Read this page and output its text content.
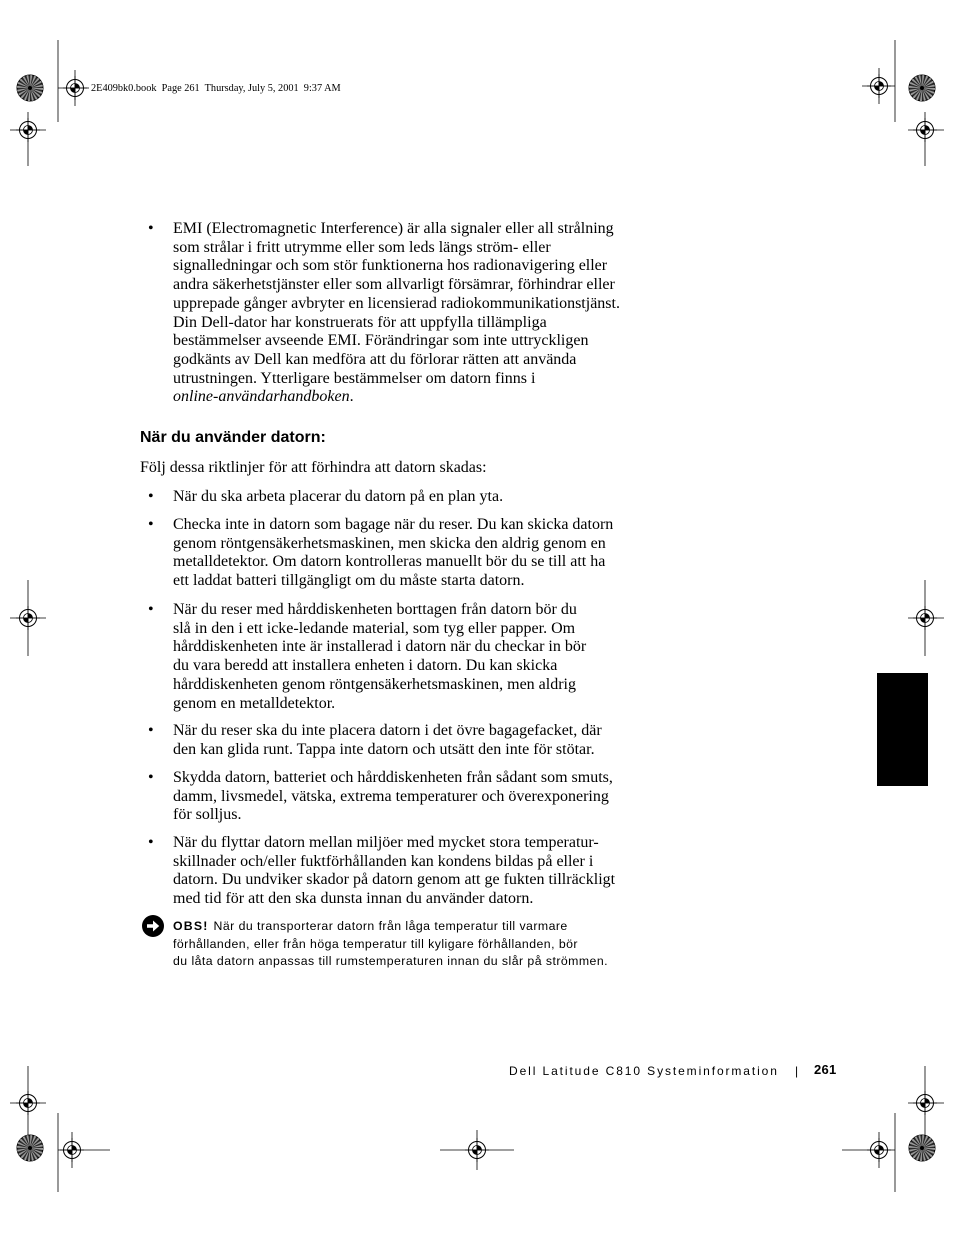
2E409bk0.book  Page 261  Thursday, July 5, 2001  9:37 AM
• EMI (Electromagnetic Interference) är alla signaler eller all strålning
som strålar i fritt utrymme eller som leds längs ström- eller
signalledningar och som stör funktionerna hos radionavigering eller
andra säkerhetstjänster eller som allvarligt försämrar, förhindrar eller
upprepade gånger avbryter en licensierad radiokommunikationstjänst.
Din Dell-dator har konstruerats för att uppfylla tillämpliga
bestämmelser avseende EMI. Förändringar som inte uttryckligen
godkänts av Dell kan medföra att du förlorar rätten att använda
utrustningen. Ytterligare bestämmelser om datorn finns i
online-användarhandboken.
När du använder datorn:
Följ dessa riktlinjer för att förhindra att datorn skadas:
• När du ska arbeta placerar du datorn på en plan yta.
• Checka inte in datorn som bagage när du reser. Du kan skicka datorn
genom röntgensäkerhetsmaskinen, men skicka den aldrig genom en
metalldetektor. Om datorn kontrolleras manuellt bör du se till att ha
ett laddat batteri tillgängligt om du måste starta datorn.
• När du reser med hårddiskenheten borttagen från datorn bör du
slå in den i ett icke-ledande material, som tyg eller papper. Om
hårddiskenheten inte är installerad i datorn när du checkar in bör
du vara beredd att installera enheten i datorn. Du kan skicka
hårddiskenheten genom röntgensäkerhetsmaskinen, men aldrig
genom en metalldetektor.
• När du reser ska du inte placera datorn i det övre bagagefacket, där
den kan glida runt. Tappa inte datorn och utsätt den inte för stötar.
• Skydda datorn, batteriet och hårddiskenheten från sådant som smuts,
damm, livsmedel, vätska, extrema temperaturer och överexponering
för solljus.
• När du flyttar datorn mellan miljöer med mycket stora temperatur-
skillnader och/eller fuktförhållanden kan kondens bildas på eller i
datorn. Du undviker skador på datorn genom att ge fukten tillräckligt
med tid för att den ska dunsta innan du använder datorn.
OBS! När du transporterar datorn från låga temperatur till varmare
förhållanden, eller från höga temperatur till kyligare förhållanden, bör
du låta datorn anpassas till rumstemperaturen innan du slår på strömmen.
Dell Latitude C810 Systeminformation | 261
